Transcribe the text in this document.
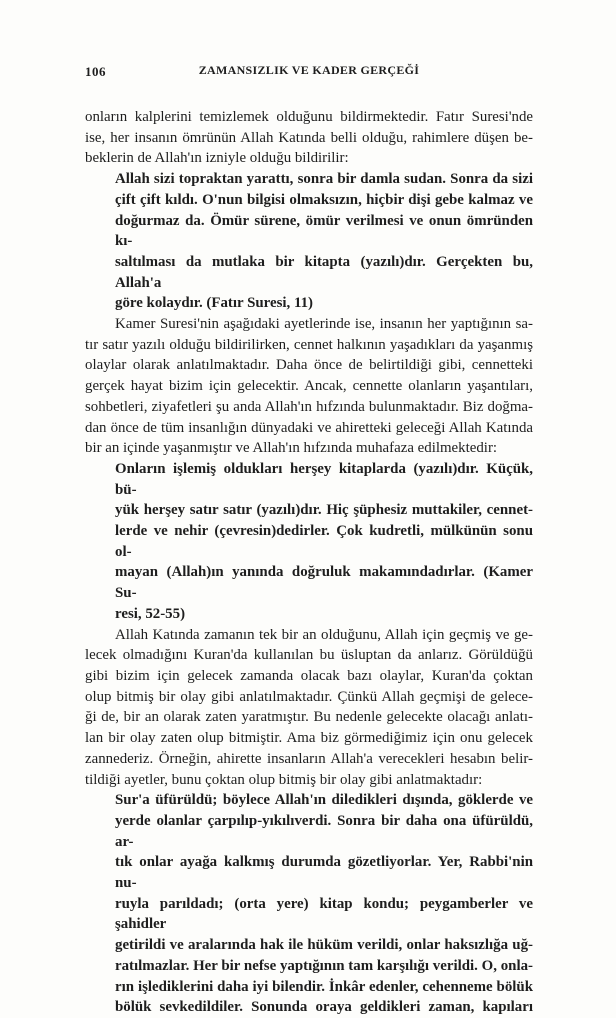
106	ZAMANSIZLIK VE KADER GERÇEĞİ
onların kalplerini temizlemek olduğunu bildirmektedir. Fatır Suresi'nde
ise, her insanın ömrünün Allah Katında belli olduğu, rahimlere düşen be-
beklerin de Allah'ın izniyle olduğu bildirilir:
Allah sizi topraktan yarattı, sonra bir damla sudan. Sonra da sizi
çift çift kıldı. O'nun bilgisi olmaksızın, hiçbir dişi gebe kalmaz ve
doğurmaz da. Ömür sürene, ömür verilmesi ve onun ömründen kı-
saltılması da mutlaka bir kitapta (yazılı)dır. Gerçekten bu, Allah'a
göre kolaydır. (Fatır Suresi, 11)
Kamer Suresi'nin aşağıdaki ayetlerinde ise, insanın her yaptığının sa-
tır satır yazılı olduğu bildirilirken, cennet halkının yaşadıkları da yaşanmış
olaylar olarak anlatılmaktadır. Daha önce de belirtildiği gibi, cennetteki
gerçek hayat bizim için gelecektir. Ancak, cennette olanların yaşantıları,
sohbetleri, ziyafetleri şu anda Allah'ın hıfzında bulunmaktadır. Biz doğma-
dan önce de tüm insanlığın dünyadaki ve ahiretteki geleceği Allah Katında
bir an içinde yaşanmıştır ve Allah'ın hıfzında muhafaza edilmektedir:
Onların işlemiş oldukları herşey kitaplarda (yazılı)dır. Küçük, bü-
yük herşey satır satır (yazılı)dır. Hiç şüphesiz muttakiler, cennet-
lerde ve nehir (çevresin)dedirler. Çok kudretli, mülkünün sonu ol-
mayan (Allah)ın yanında doğruluk makamındadırlar. (Kamer Su-
resi, 52-55)
Allah Katında zamanın tek bir an olduğunu, Allah için geçmiş ve ge-
lecek olmadığını Kuran'da kullanılan bu üsluptan da anlarız. Görüldüğü
gibi bizim için gelecek zamanda olacak bazı olaylar, Kuran'da çoktan
olup bitmiş bir olay gibi anlatılmaktadır. Çünkü Allah geçmişi de gelece-
ği de, bir an olarak zaten yaratmıştır. Bu nedenle gelecekte olacağı anlatı-
lan bir olay zaten olup bitmiştir. Ama biz görmediğimiz için onu gelecek
zannederiz. Örneğin, ahirette insanların Allah'a verecekleri hesabın belir-
tildiği ayetler, bunu çoktan olup bitmiş bir olay gibi anlatmaktadır:
Sur'a üfürüldü; böylece Allah'ın diledikleri dışında, göklerde ve
yerde olanlar çarpılıp-yıkılıverdi. Sonra bir daha ona üfürüldü, ar-
tık onlar ayağa kalkmış durumda gözetliyorlar. Yer, Rabbi'nin nu-
ruyla parıldadı; (orta yere) kitap kondu; peygamberler ve şahidler
getirildi ve aralarında hak ile hüküm verildi, onlar haksızlığa uğ-
ratılmazlar. Her bir nefse yaptığının tam karşılığı verildi. O, onla-
rın işlediklerini daha iyi bilendir. İnkâr edenler, cehenneme bölük
bölük sevkedildiler. Sonunda oraya geldikleri zaman, kapıları
